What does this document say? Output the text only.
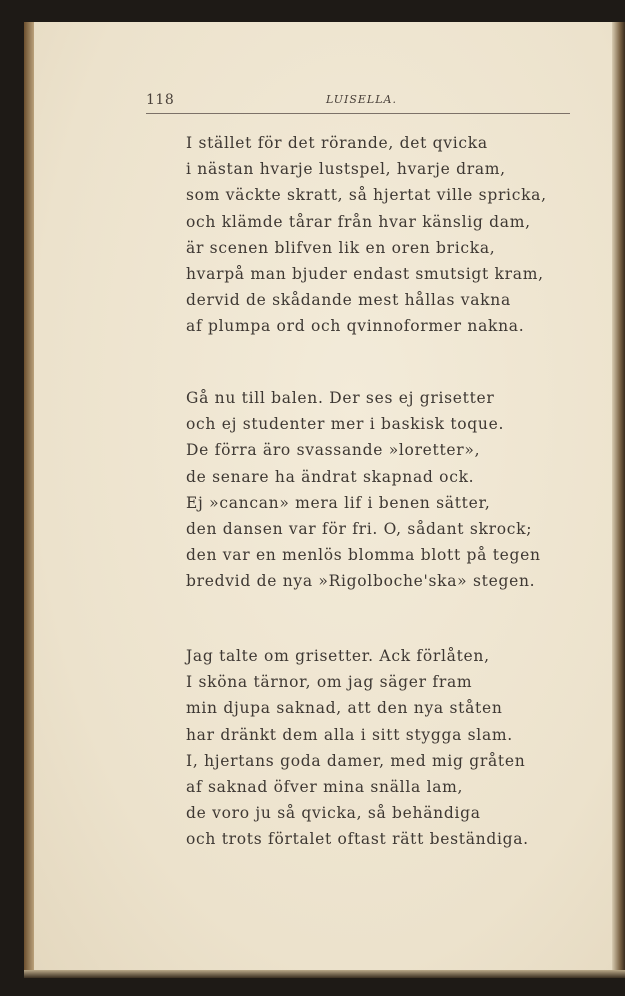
118	LUISELLA.
I stället för det rörande, det qvicka
i nästan hvarje lustspel, hvarje dram,
som väckte skratt, så hjertat ville spricka,
och klämde tårar från hvar känslig dam,
är scenen blifven lik en oren bricka,
hvarpå man bjuder endast smutsigt kram,
dervid de skådande mest hållas vakna
af plumpa ord och qvinnoformer nakna.
Gå nu till balen. Der ses ej grisetter
och ej studenter mer i baskisk toque.
De förra äro svassande »loretter»,
de senare ha ändrat skapnad ock.
Ej »cancan» mera lif i benen sätter,
den dansen var för fri. O, sådant skrock;
den var en menlös blomma blott på tegen
bredvid de nya »Rigolboche'ska» stegen.
Jag talte om grisetter. Ack förlåten,
I sköna tärnor, om jag säger fram
min djupa saknad, att den nya ståten
har dränkt dem alla i sitt stygga slam.
I, hjertans goda damer, med mig gråten
af saknad öfver mina snälla lam,
de voro ju så qvicka, så behändiga
och trots förtalet oftast rätt beständiga.
